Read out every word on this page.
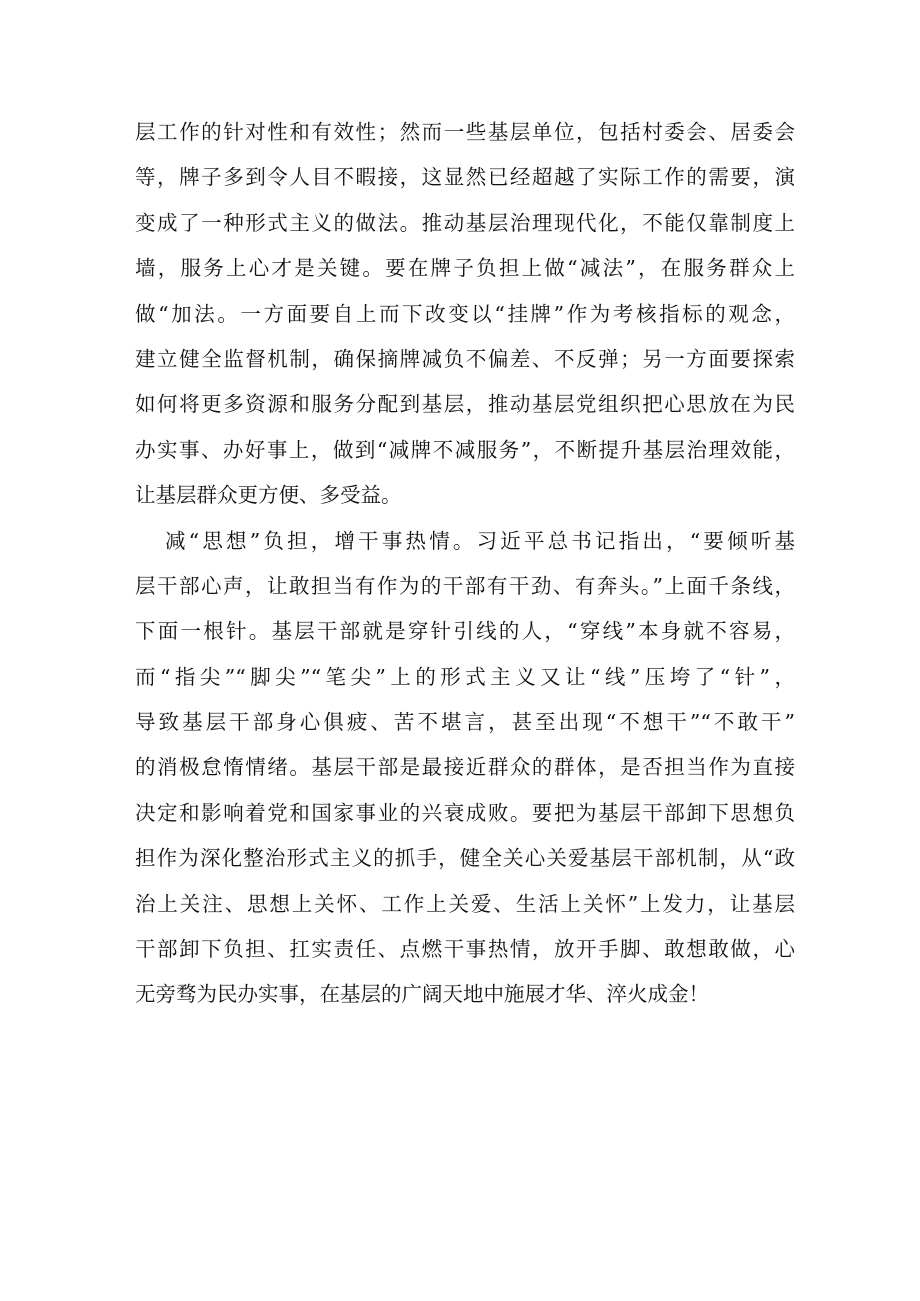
层工作的针对性和有效性；然而一些基层单位，包括村委会、居委会
等，牌子多到令人目不暇接，这显然已经超越了实际工作的需要，演
变成了一种形式主义的做法。推动基层治理现代化，不能仅靠制度上
墙，服务上心才是关键。要在牌子负担上做“减法”，在服务群众上
做“加法。一方面要自上而下改变以“挂牌”作为考核指标的观念，
建立健全监督机制，确保摘牌减负不偏差、不反弹；另一方面要探索
如何将更多资源和服务分配到基层，推动基层党组织把心思放在为民
办实事、办好事上，做到“减牌不减服务”，不断提升基层治理效能，
让基层群众更方便、多受益。
减“思想”负担，增干事热情。习近平总书记指出，“要倾听基
层干部心声，让敢担当有作为的干部有干劲、有奔头。”上面千条线，
下面一根针。基层干部就是穿针引线的人，“穿线”本身就不容易，
而“指尖”“脚尖”“笔尖”上的形式主义又让“线”压垮了“针”，
导致基层干部身心俱疲、苦不堪言，甚至出现“不想干”“不敢干”
的消极怠惰情绪。基层干部是最接近群众的群体，是否担当作为直接
决定和影响着党和国家事业的兴衰成败。要把为基层干部卸下思想负
担作为深化整治形式主义的抓手，健全关心关爱基层干部机制，从“政
治上关注、思想上关怀、工作上关爱、生活上关怀”上发力，让基层
干部卸下负担、扛实责任、点燃干事热情，放开手脚、敢想敢做，心
无旁骛为民办实事，在基层的广阔天地中施展才华、淬火成金！
